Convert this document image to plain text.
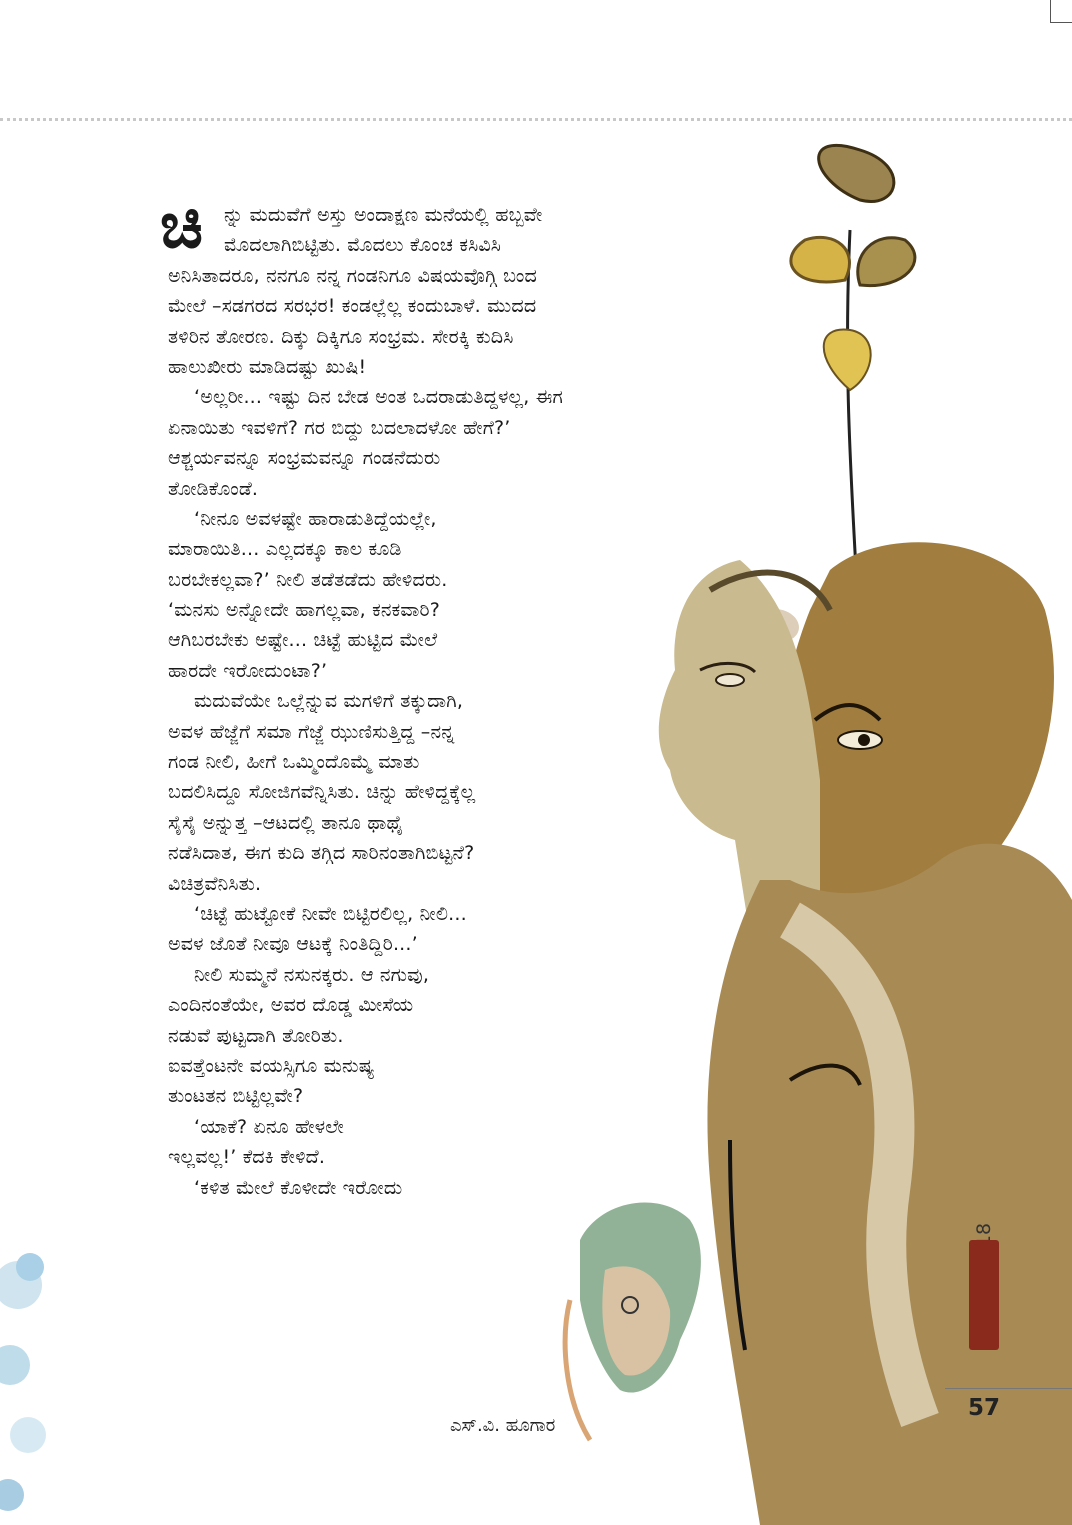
ಚಿ	ನ್ನು ಮದುವೆಗೆ ಅಸ್ತು ಅಂದಾಕ್ಷಣ ಮನೆಯಲ್ಲಿ ಹಬ್ಬವೇ
ಮೊದಲಾಗಿಬಿಟ್ಟಿತು. ಮೊದಲು ಕೊಂಚ ಕಸಿವಿಸಿ
ಅನಿಸಿತಾದರೂ, ನನಗೂ ನನ್ನ ಗಂಡನಿಗೂ ವಿಷಯವೊಗ್ಗಿ ಬಂದ
ಮೇಲೆ –ಸಡಗರದ ಸರಭರ! ಕಂಡಲ್ಲೆಲ್ಲ ಕಂದುಬಾಳೆ. ಮುದದ
ತಳಿರಿನ ತೋರಣ. ದಿಕ್ಕು ದಿಕ್ಕಿಗೂ ಸಂಭ್ರಮ. ಸೇರಕ್ಕಿ ಕುದಿಸಿ
ಹಾಲುಖೀರು ಮಾಡಿದಷ್ಟು ಖುಷಿ!
‘ಅಲ್ಲರೀ... ಇಷ್ಟು ದಿನ ಬೇಡ ಅಂತ ಒದರಾಡುತಿದ್ದಳಲ್ಲ, ಈಗ
ಏನಾಯಿತು ಇವಳಿಗೆ? ಗರ ಬಿದ್ದು ಬದಲಾದಳೋ ಹೇಗೆ?’
ಆಶ್ಚರ್ಯವನ್ನೂ ಸಂಭ್ರಮವನ್ನೂ ಗಂಡನೆದುರು
ತೋಡಿಕೊಂಡೆ.
‘ನೀನೂ ಅವಳಷ್ಟೇ ಹಾರಾಡುತಿದ್ದೆಯಲ್ಲೇ,
ಮಾರಾಯಿತಿ... ಎಲ್ಲದಕ್ಕೂ ಕಾಲ ಕೂಡಿ
ಬರಬೇಕಲ್ಲವಾ?’ ನೀಲಿ ತಡೆತಡೆದು ಹೇಳಿದರು.
‘ಮನಸು ಅನ್ನೋದೇ ಹಾಗಲ್ಲವಾ, ಕನಕವಾರಿ?
ಆಗಿಬರಬೇಕು ಅಷ್ಟೇ... ಚಿಟ್ಟೆ ಹುಟ್ಟಿದ ಮೇಲೆ
ಹಾರದೇ ಇರೋದುಂಟಾ?’
ಮದುವೆಯೇ ಒಲ್ಲೆನ್ನುವ ಮಗಳಿಗೆ ತಕ್ಕುದಾಗಿ,
ಅವಳ ಹೆಜ್ಜೆಗೆ ಸಮಾ ಗೆಜ್ಜೆ ಝುಣಿಸುತ್ತಿದ್ದ –ನನ್ನ
ಗಂಡ ನೀಲಿ, ಹೀಗೆ ಒಮ್ಮಿಂದೊಮ್ಮೆ ಮಾತು
ಬದಲಿಸಿದ್ದೂ ಸೋಜಿಗವೆನ್ನಿಸಿತು. ಚಿನ್ನು ಹೇಳಿದ್ದಕ್ಕೆಲ್ಲ
ಸೈಸೈ ಅನ್ನುತ್ತ –ಆಟದಲ್ಲಿ ತಾನೂ ಥಾಥೈ
ನಡೆಸಿದಾತ, ಈಗ ಕುದಿ ತಗ್ಗಿದ ಸಾರಿನಂತಾಗಿಬಿಟ್ಟನೆ?
ವಿಚಿತ್ರವೆನಿಸಿತು.
‘ಚಿಟ್ಟೆ ಹುಟ್ಟೋಕೆ ನೀವೇ ಬಿಟ್ಟಿರಲಿಲ್ಲ, ನೀಲಿ...
ಅವಳ ಜೊತೆ ನೀವೂ ಆಟಕ್ಕೆ ನಿಂತಿದ್ದಿರಿ...’
ನೀಲಿ ಸುಮ್ಮನೆ ನಸುನಕ್ಕರು. ಆ ನಗುವು,
ಎಂದಿನಂತೆಯೇ, ಅವರ ದೊಡ್ಡ ಮೀಸೆಯ
ನಡುವೆ ಪುಟ್ಟದಾಗಿ ತೋರಿತು.
ಐವತ್ತೆಂಟನೇ ವಯಸ್ಸಿಗೂ ಮನುಷ್ಯ
ತುಂಟತನ ಬಿಟ್ಟಿಲ್ಲವೇ?
‘ಯಾಕೆ? ಏನೂ ಹೇಳಲೇ
ಇಲ್ಲವಲ್ಲ!’ ಕೆದಕಿ ಕೇಳಿದೆ.
‘ಕಳಿತ ಮೇಲೆ ಕೊಳೀದೇ ಇರೋದು
57
ಎಸ್.ವಿ. ಹೂಗಾರ
